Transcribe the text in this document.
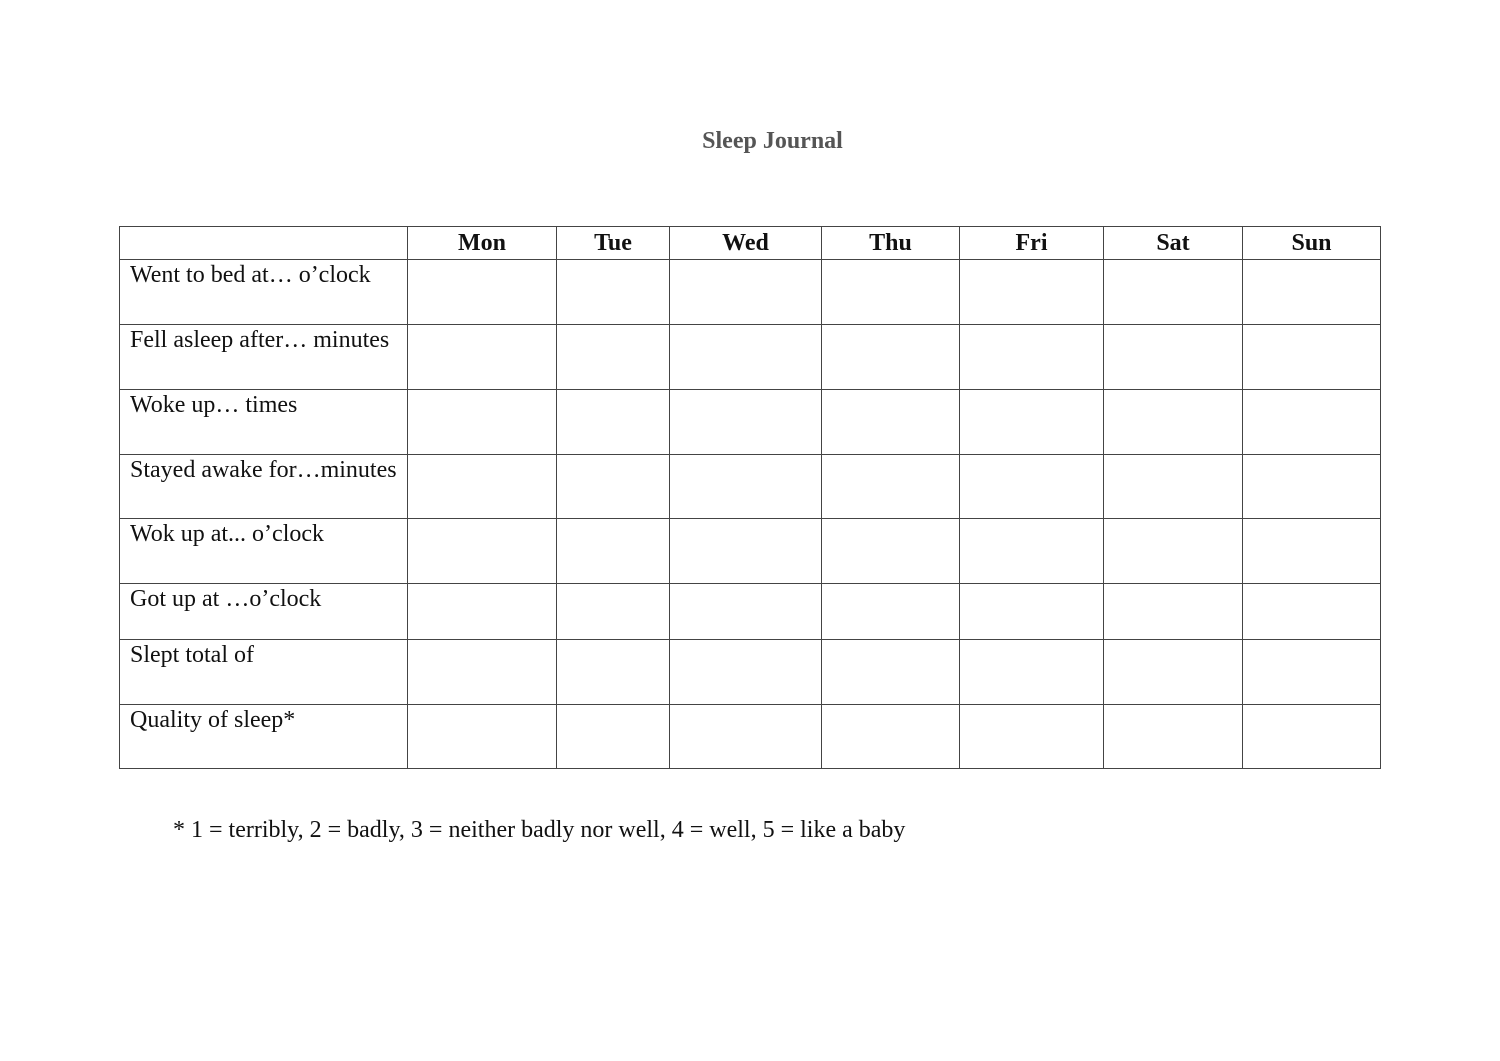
Sleep Journal
	Mon	Tue	Wed	Thu	Fri	Sat	Sun
Went to bed at… o’clock							
Fell asleep after… minutes							
Woke up… times							
Stayed awake for…minutes							
Wok up at... o’clock							
Got up at …o’clock							
Slept total of							
Quality of sleep*							
* 1 = terribly, 2 = badly, 3 = neither badly nor well, 4 = well, 5 = like a baby
